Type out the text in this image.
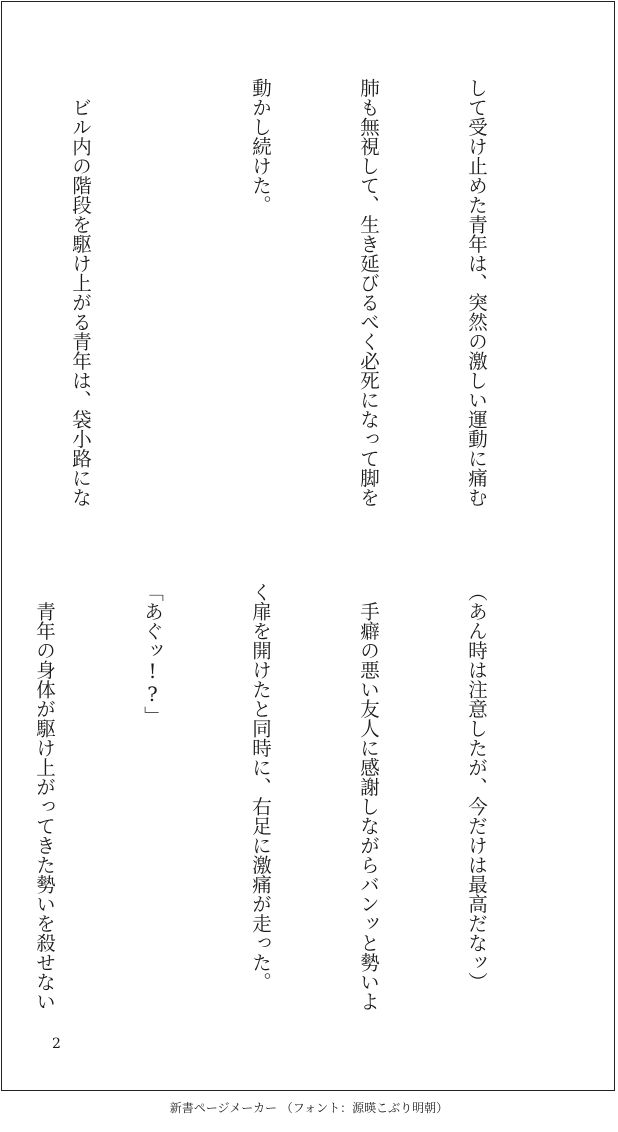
して受け止めた青年は、突然の激しい運動に痛む

肺も無視して、生き延びるべく必死になって脚を

動かし続けた。

　ビル内の階段を駆け上がる青年は、袋小路にな

（あん時は注意したが、今だけは最高だなッ）

　手癖の悪い友人に感謝しながらバンッと勢いよ

く扉を開けたと同時に、右足に激痛が走った。

「あぐッ!?」

　青年の身体が駆け上がってきた勢いを殺せない

2
新書ページメーカー （フォント：源暎こぶり明朝）
